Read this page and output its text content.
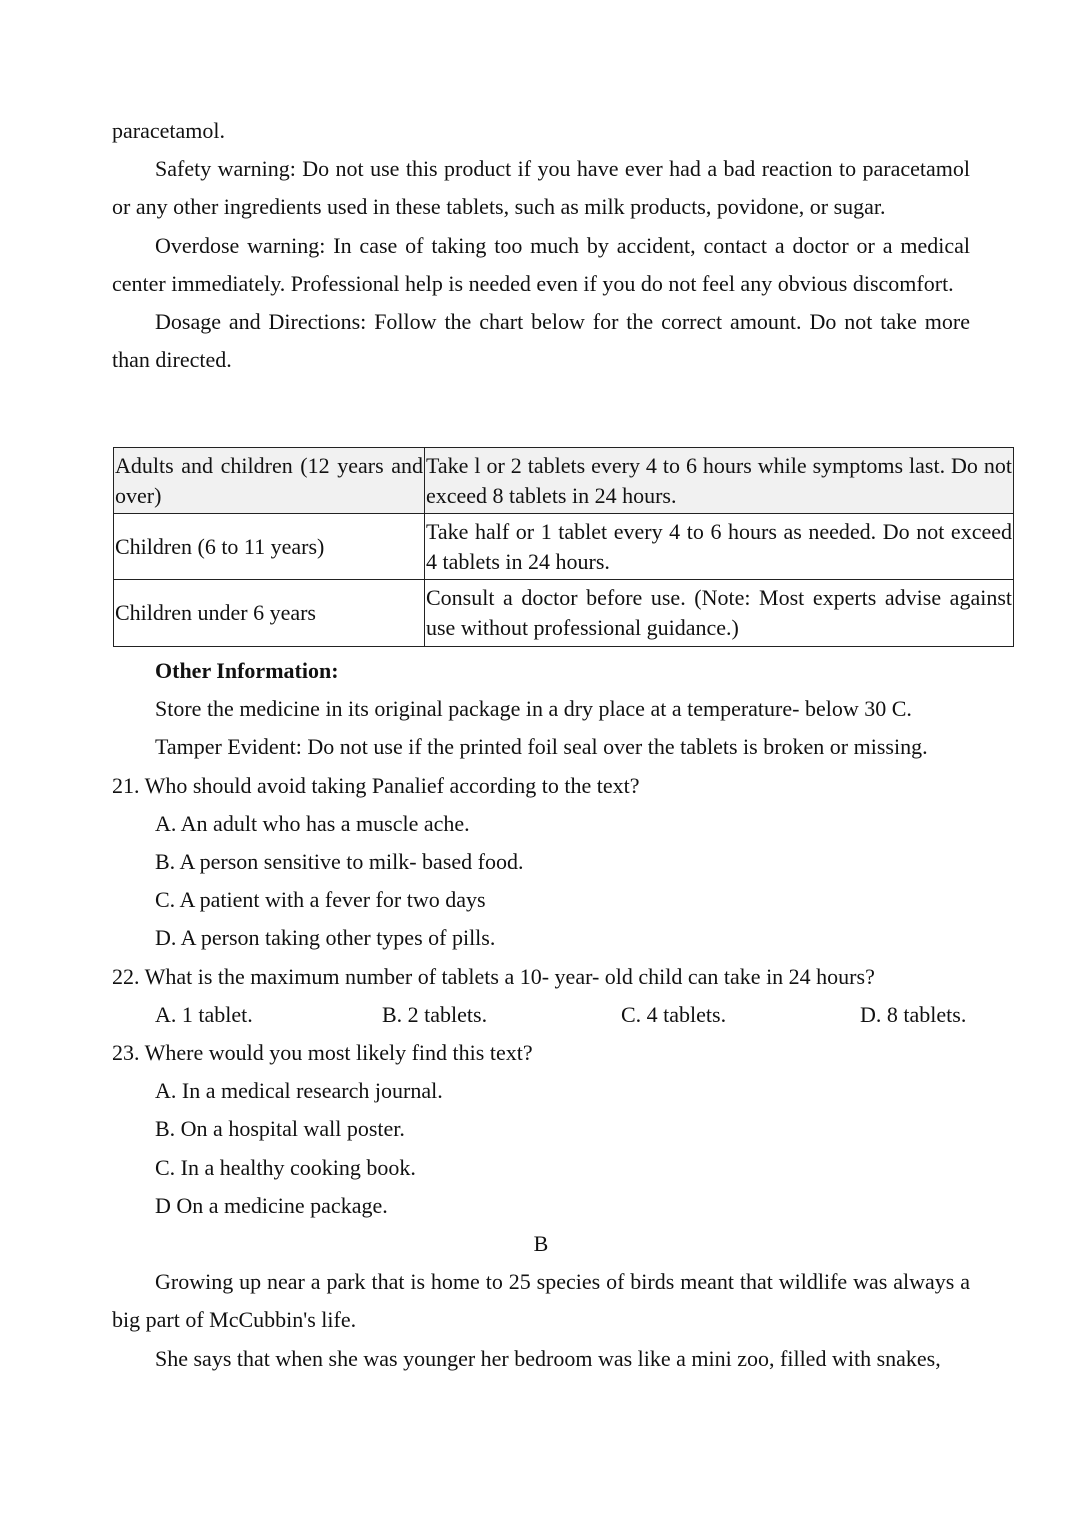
paracetamol.

Safety warning: Do not use this product if you have ever had a bad reaction to paracetamol or any other ingredients used in these tablets, such as milk products, povidone, or sugar.

Overdose warning: In case of taking too much by accident, contact a doctor or a medical center immediately. Professional help is needed even if you do not feel any obvious discomfort.

Dosage and Directions: Follow the chart below for the correct amount. Do not take more than directed.

Adults and children (12 years and over)	Take l or 2 tablets every 4 to 6 hours while symptoms last. Do not exceed 8 tablets in 24 hours.
Children (6 to 11 years)	Take half or 1 tablet every 4 to 6 hours as needed. Do not exceed 4 tablets in 24 hours.
Children under 6 years	Consult a doctor before use. (Note: Most experts advise against use without professional guidance.)

Other Information:

Store the medicine in its original package in a dry place at a temperature- below 30 C.

Tamper Evident: Do not use if the printed foil seal over the tablets is broken or missing.

21. Who should avoid taking Panalief according to the text?

A. An adult who has a muscle ache.

B. A person sensitive to milk- based food.

C. A patient with a fever for two days

D. A person taking other types of pills.

22. What is the maximum number of tablets a 10- year- old child can take in 24 hours?

A. 1 tablet.	B. 2 tablets.	C. 4 tablets.	D. 8 tablets.

23. Where would you most likely find this text?

A. In a medical research journal.

B. On a hospital wall poster.

C. In a healthy cooking book.

D On a medicine package.

B

Growing up near a park that is home to 25 species of birds meant that wildlife was always a big part of McCubbin's life.

She says that when she was younger her bedroom was like a mini zoo, filled with snakes,
